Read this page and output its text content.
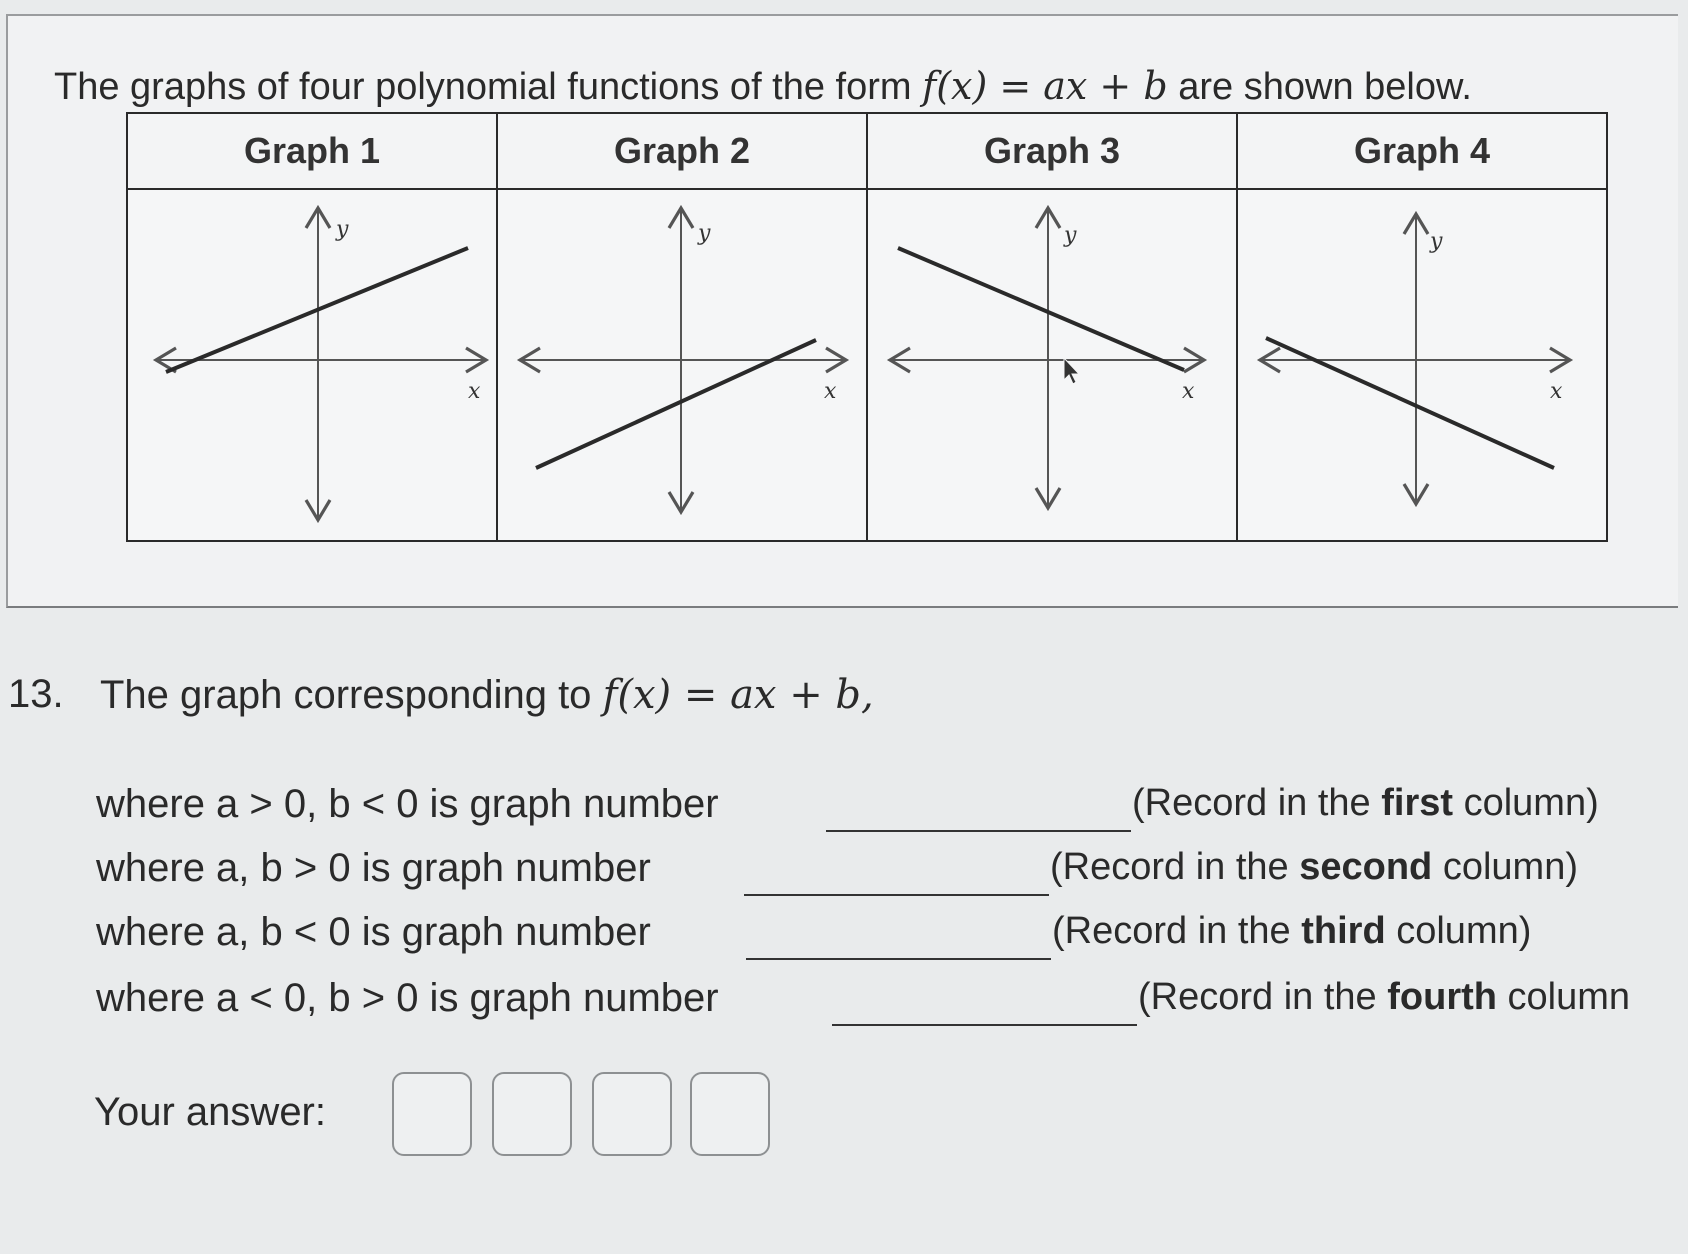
The graphs of four polynomial functions of the form f(x) = ax + b are shown below.
Graph 1	Graph 2	Graph 3	Graph 4

y
x	y
x	y
x	y
x
13. The graph corresponding to f(x) = ax + b,
where a > 0, b < 0 is graph number	(Record in the first column)
where a, b > 0 is graph number	(Record in the second column)
where a, b < 0 is graph number	(Record in the third column)
where a < 0, b > 0 is graph number	(Record in the fourth column
Your answer:
